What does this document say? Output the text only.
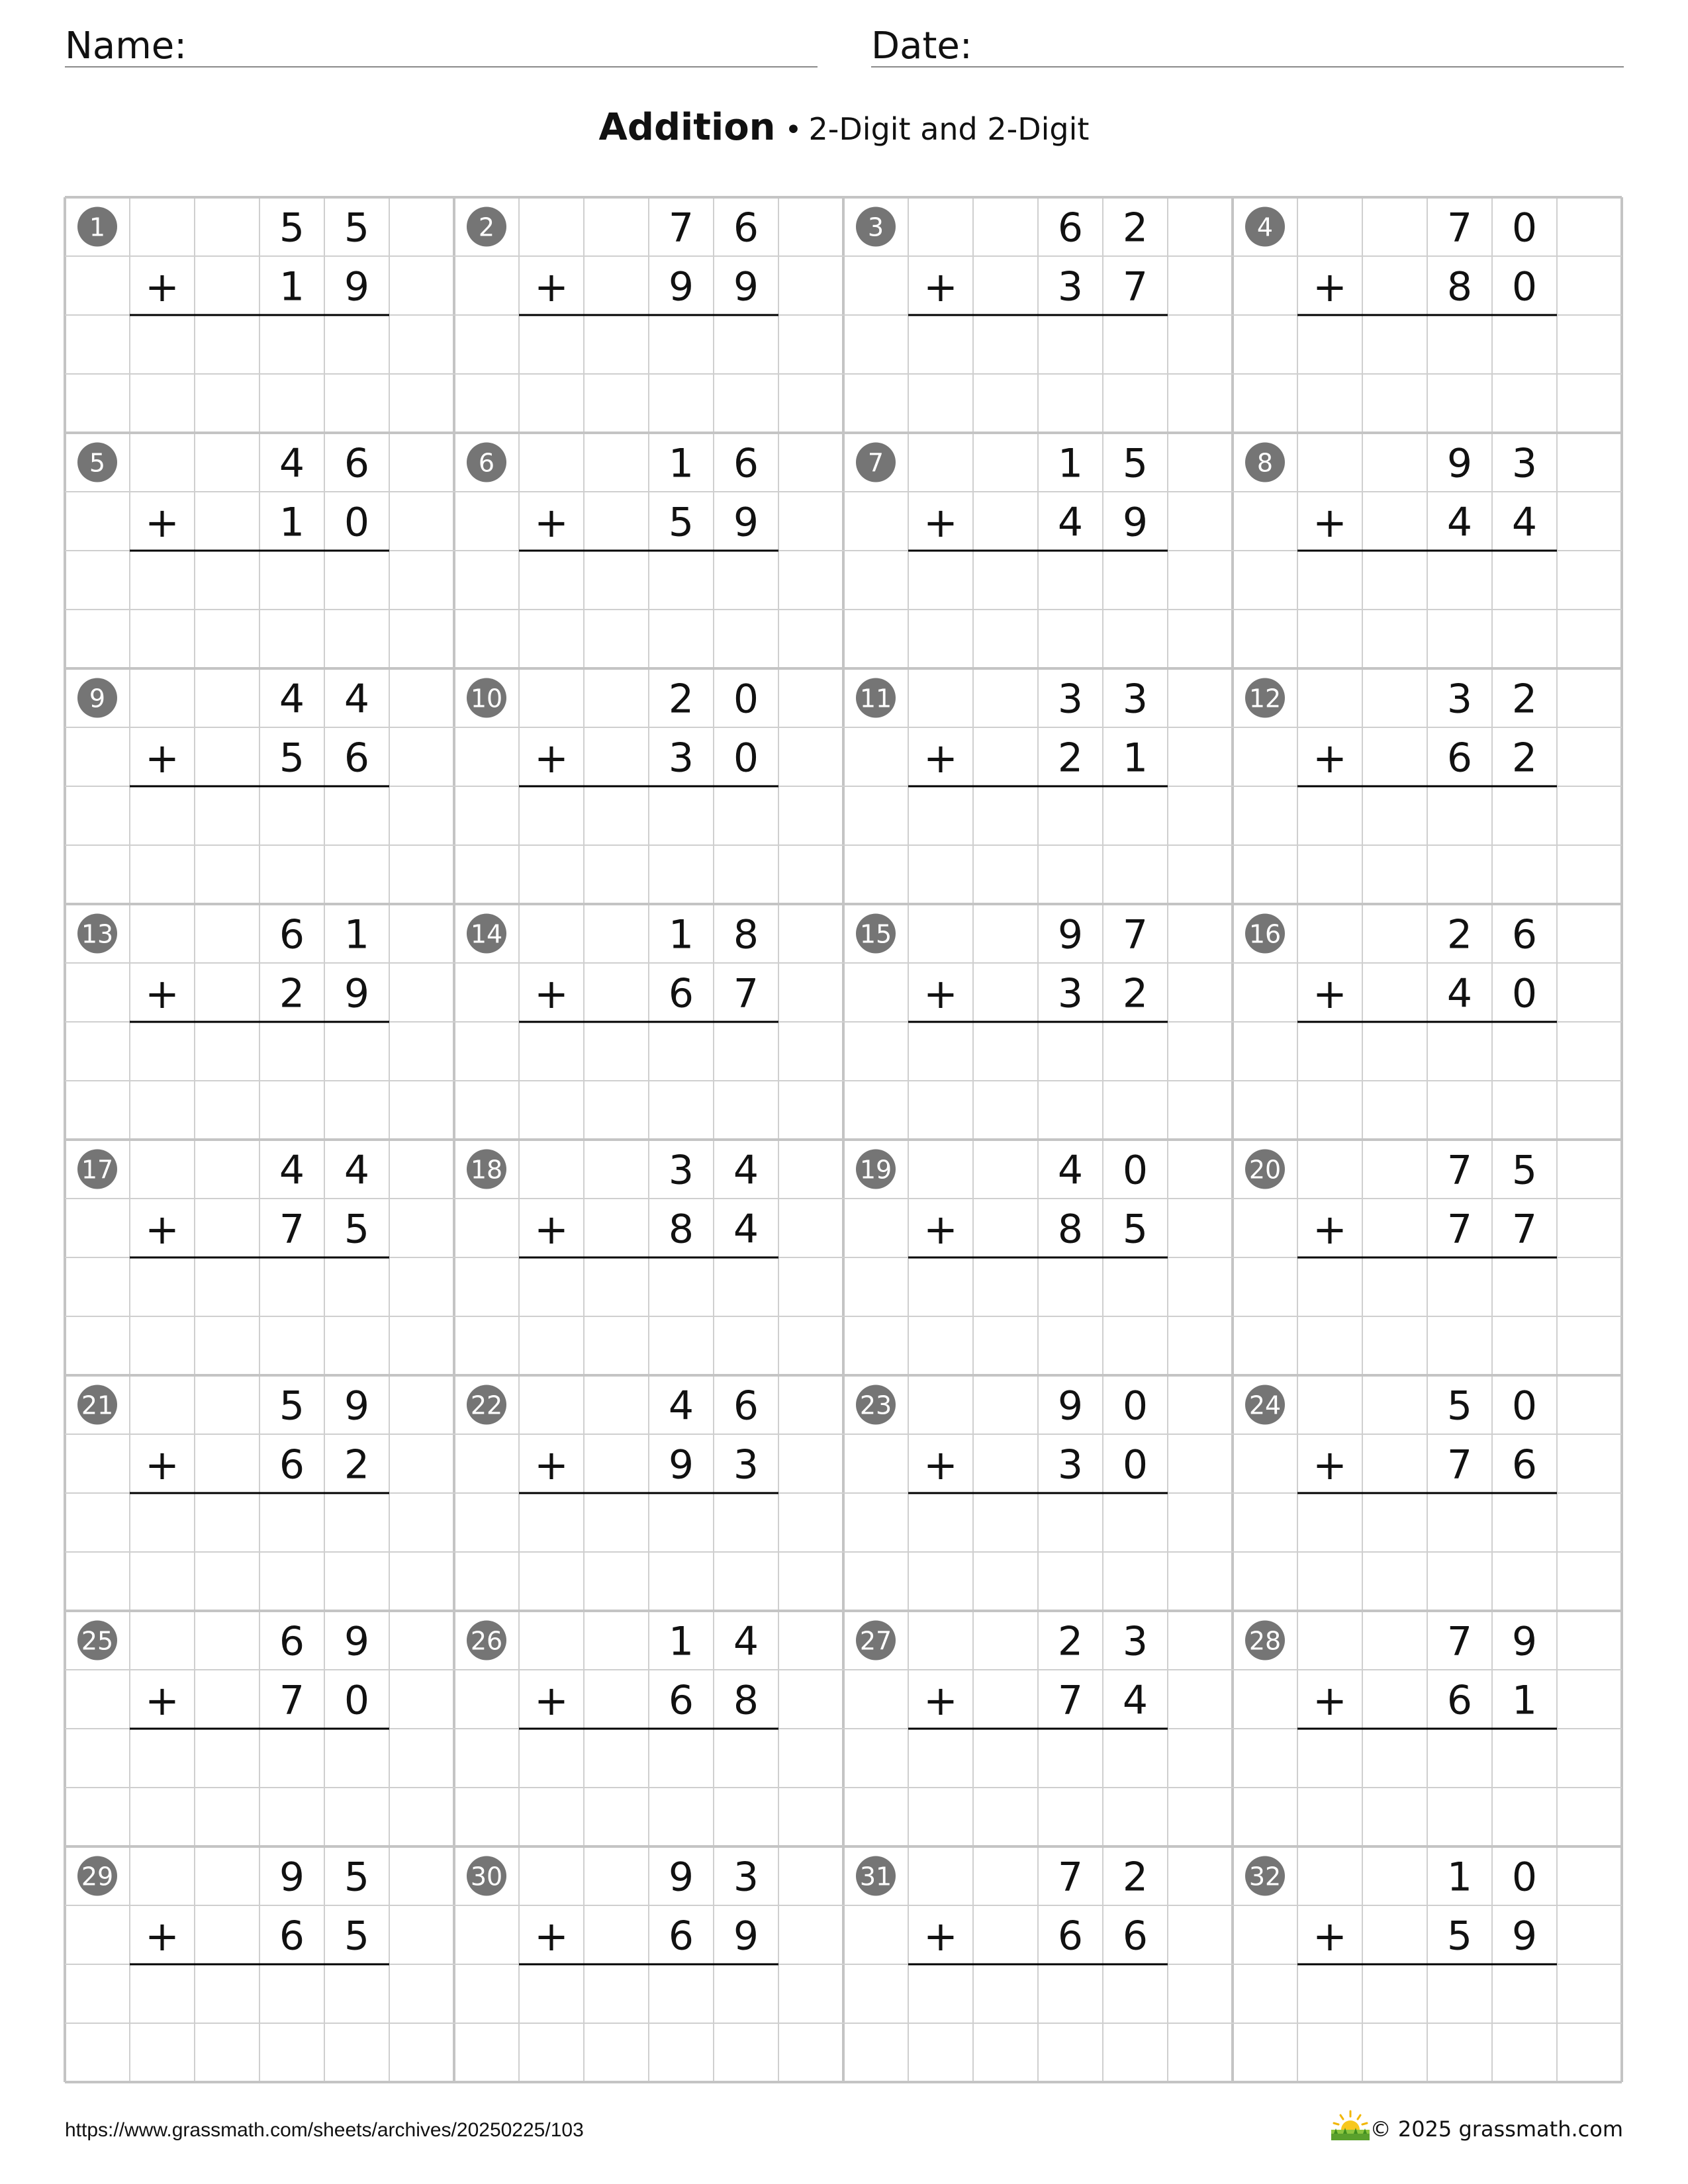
Name:	Date:
Addition • 2-Digit and 2-Digit
1	5 5
+	1 9
2	7 6
+	9 9
3	6 2
+	3 7
4	7 0
+	8 0
5	4 6
+	1 0
6	1 6
+	5 9
7	1 5
+	4 9
8	9 3
+	4 4
9	4 4
+	5 6
10	2 0
+	3 0
11	3 3
+	2 1
12	3 2
+	6 2
13	6 1
+	2 9
14	1 8
+	6 7
15	9 7
+	3 2
16	2 6
+	4 0
17	4 4
+	7 5
18	3 4
+	8 4
19	4 0
+	8 5
20	7 5
+	7 7
21	5 9
+	6 2
22	4 6
+	9 3
23	9 0
+	3 0
24	5 0
+	7 6
25	6 9
+	7 0
26	1 4
+	6 8
27	2 3
+	7 4
28	7 9
+	6 1
29	9 5
+	6 5
30	9 3
+	6 9
31	7 2
+	6 6
32	1 0
+	5 9
https://www.grassmath.com/sheets/archives/20250225/103	© 2025 grassmath.com
